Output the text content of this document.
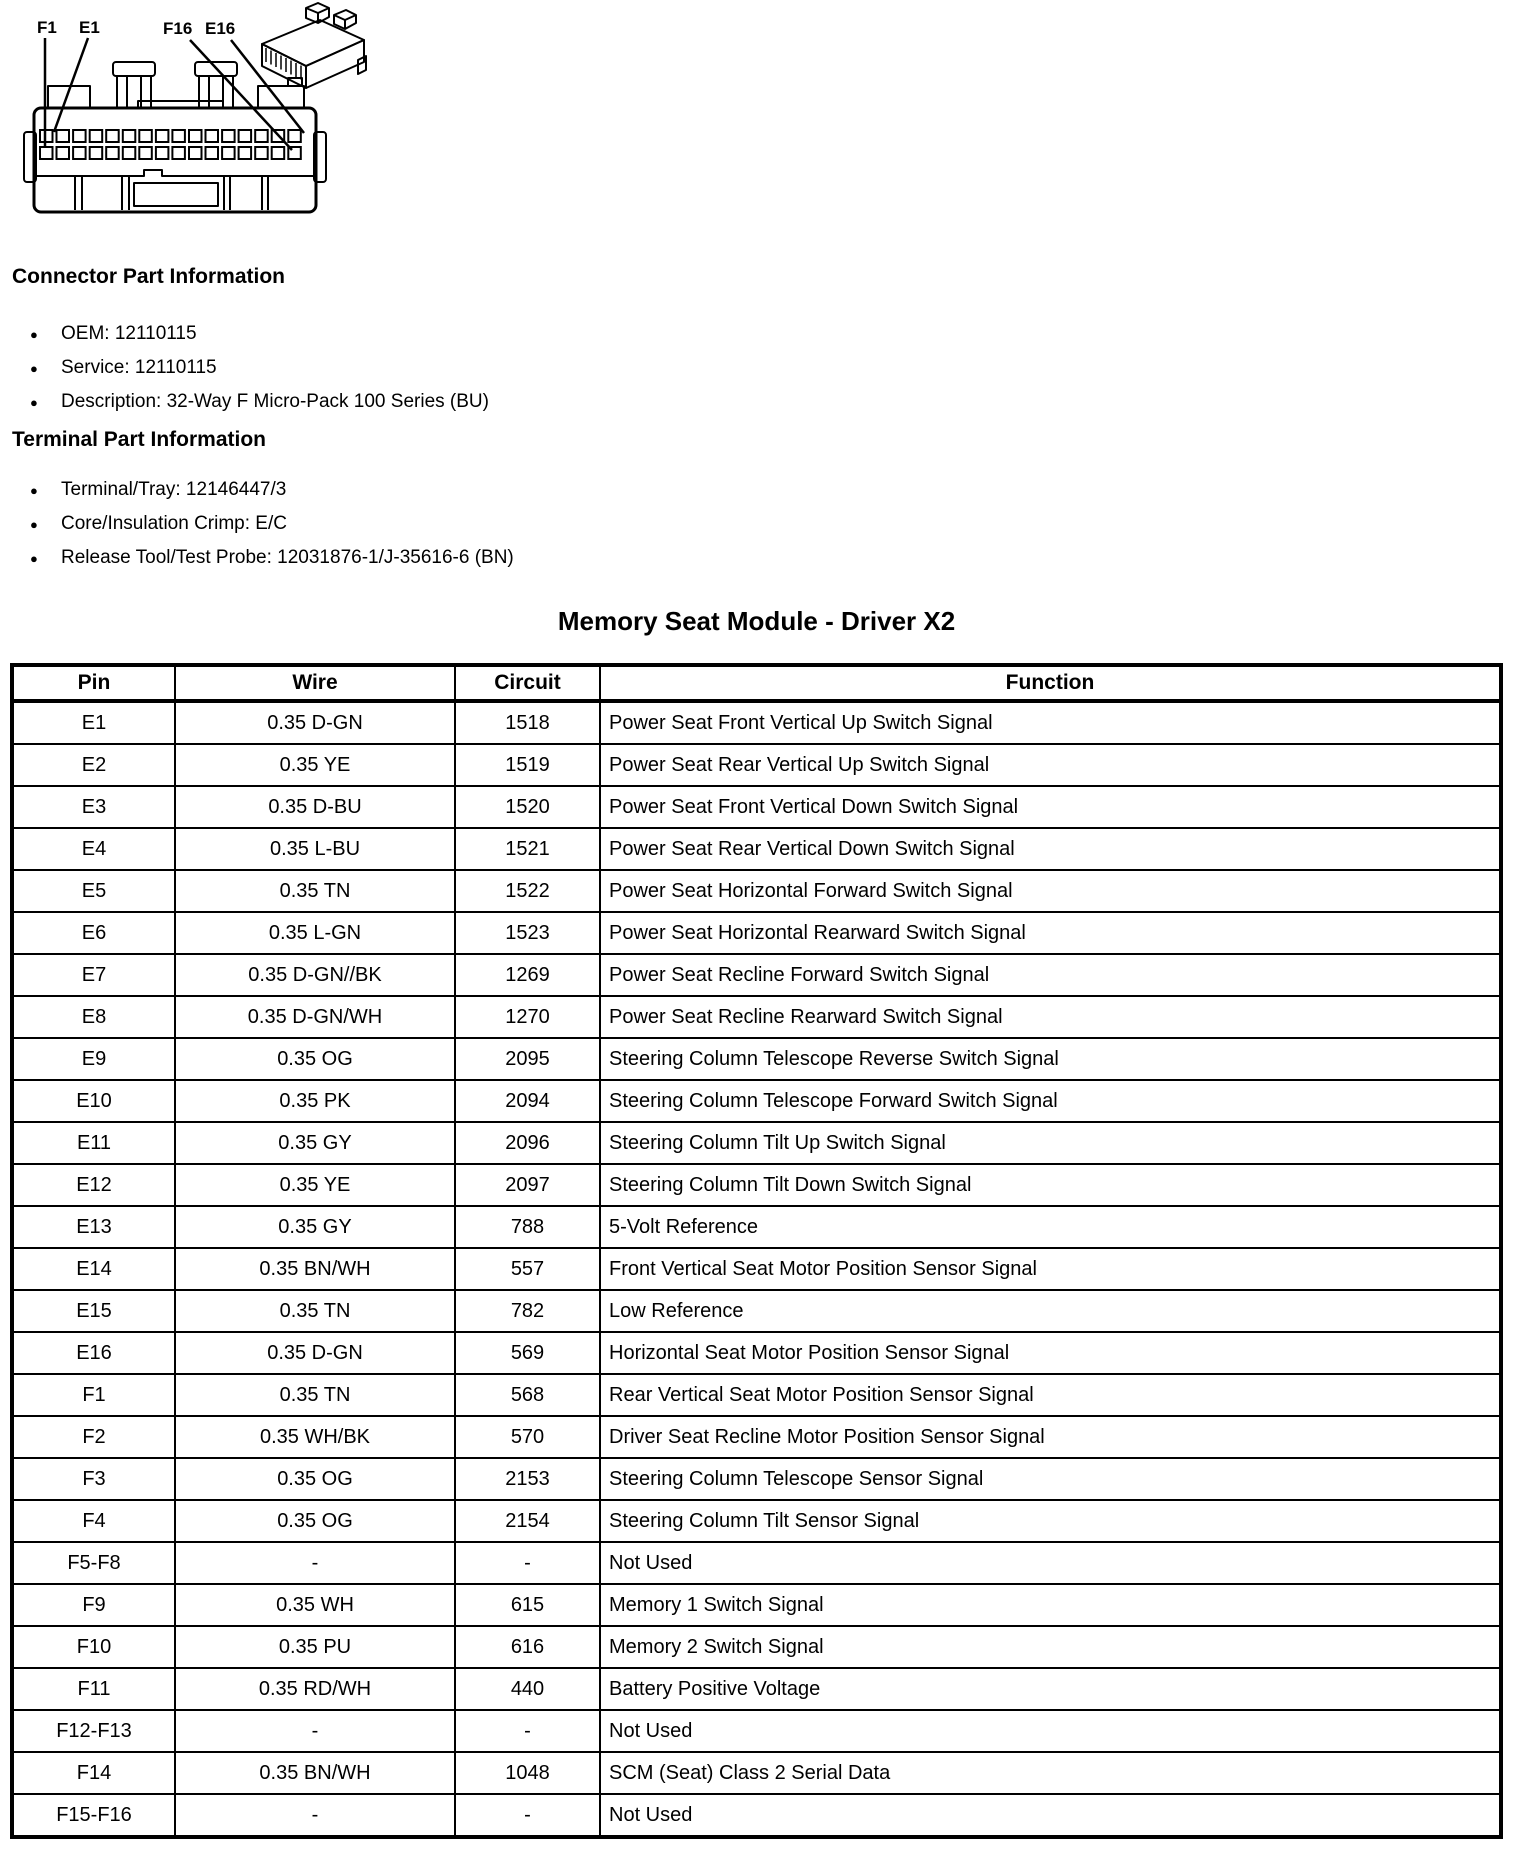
F1 E1	F16 E16
Connector Part Information
●	OEM: 12110115
●	Service: 12110115
●	Description: 32-Way F Micro-Pack 100 Series (BU)
Terminal Part Information
●	Terminal/Tray: 12146447/3
●	Core/Insulation Crimp: E/C
●	Release Tool/Test Probe: 12031876-1/J-35616-6 (BN)
Memory Seat Module - Driver X2
Pin	Wire	Circuit	Function
E1	0.35 D-GN	1518	Power Seat Front Vertical Up Switch Signal
E2	0.35 YE	1519	Power Seat Rear Vertical Up Switch Signal
E3	0.35 D-BU	1520	Power Seat Front Vertical Down Switch Signal
E4	0.35 L-BU	1521	Power Seat Rear Vertical Down Switch Signal
E5	0.35 TN	1522	Power Seat Horizontal Forward Switch Signal
E6	0.35 L-GN	1523	Power Seat Horizontal Rearward Switch Signal
E7	0.35 D-GN//BK	1269	Power Seat Recline Forward Switch Signal
E8	0.35 D-GN/WH	1270	Power Seat Recline Rearward Switch Signal
E9	0.35 OG	2095	Steering Column Telescope Reverse Switch Signal
E10	0.35 PK	2094	Steering Column Telescope Forward Switch Signal
E11	0.35 GY	2096	Steering Column Tilt Up Switch Signal
E12	0.35 YE	2097	Steering Column Tilt Down Switch Signal
E13	0.35 GY	788	5-Volt Reference
E14	0.35 BN/WH	557	Front Vertical Seat Motor Position Sensor Signal
E15	0.35 TN	782	Low Reference
E16	0.35 D-GN	569	Horizontal Seat Motor Position Sensor Signal
F1	0.35 TN	568	Rear Vertical Seat Motor Position Sensor Signal
F2	0.35 WH/BK	570	Driver Seat Recline Motor Position Sensor Signal
F3	0.35 OG	2153	Steering Column Telescope Sensor Signal
F4	0.35 OG	2154	Steering Column Tilt Sensor Signal
F5-F8	-	-	Not Used
F9	0.35 WH	615	Memory 1 Switch Signal
F10	0.35 PU	616	Memory 2 Switch Signal
F11	0.35 RD/WH	440	Battery Positive Voltage
F12-F13	-	-	Not Used
F14	0.35 BN/WH	1048	SCM (Seat) Class 2 Serial Data
F15-F16	-	-	Not Used
